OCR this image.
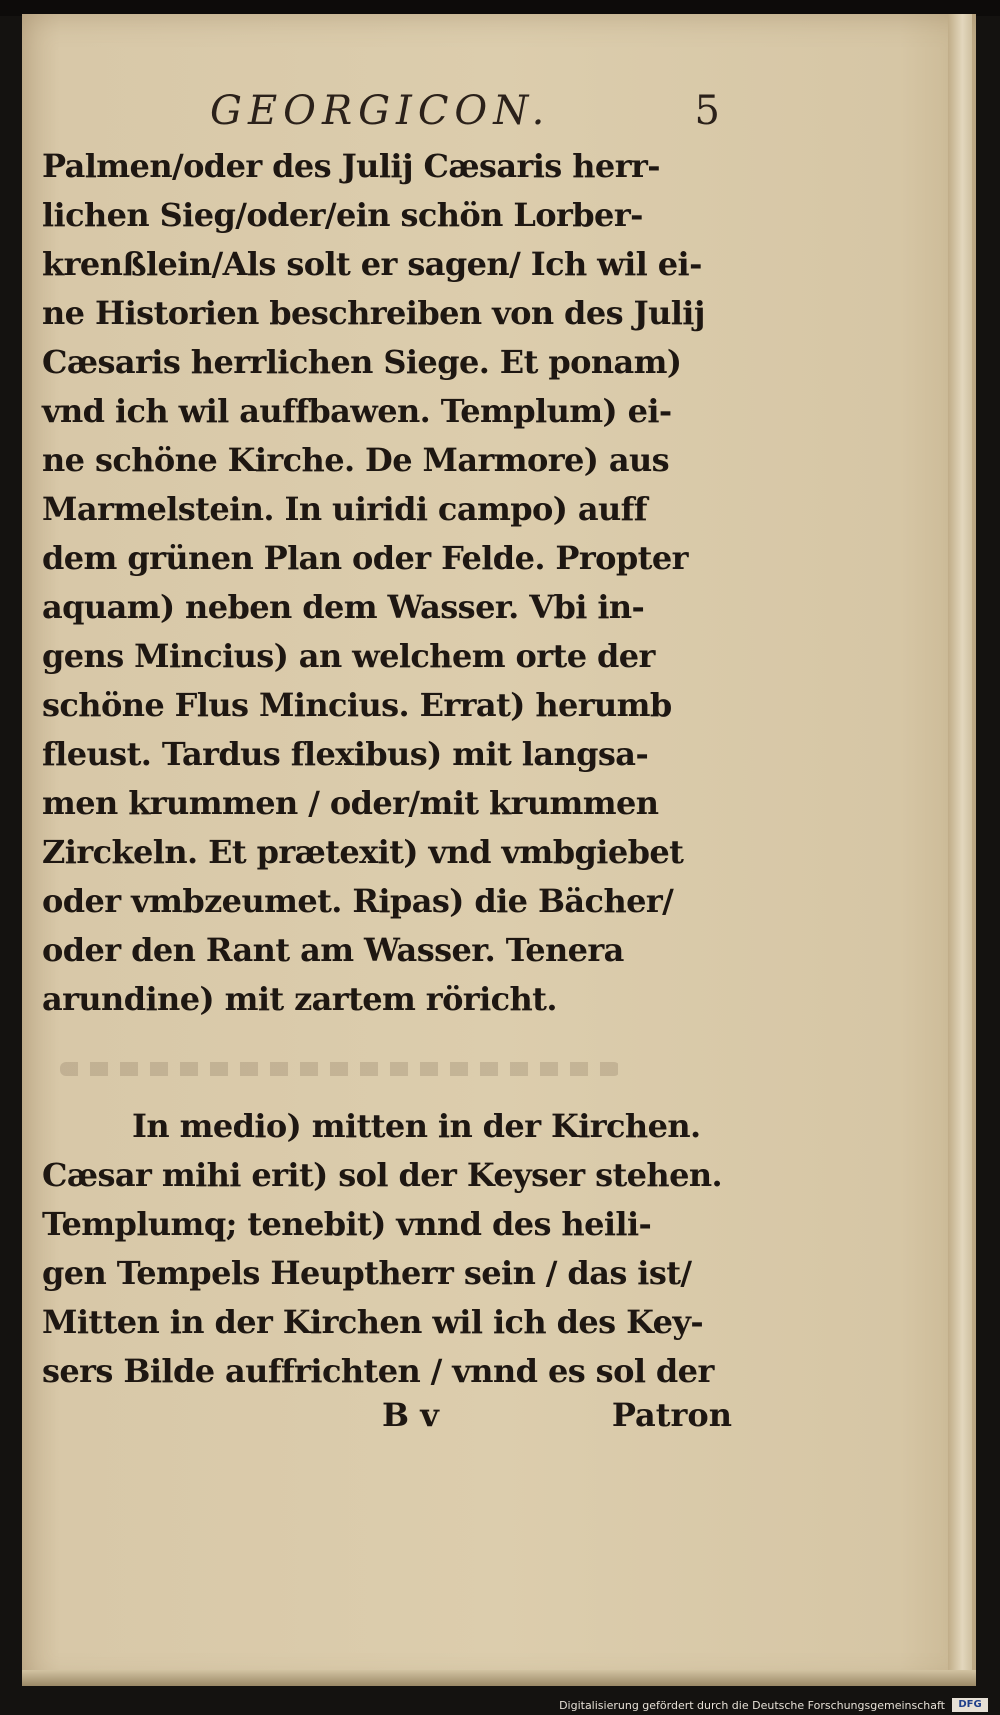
GEORGICON.	5
Palmen/oder des Julij Cæsaris herr-
lichen Sieg/oder/ein schön Lorber-
krenßlein/Als solt er sagen/ Ich wil ei-
ne Historien beschreiben von des Julij
Cæsaris herrlichen Siege. Et ponam)
vnd ich wil auffbawen. Templum) ei-
ne schöne Kirche. De Marmore) aus
Marmelstein. In uiridi campo) auff
dem grünen Plan oder Felde. Propter
aquam) neben dem Wasser. Vbi in-
gens Mincius) an welchem orte der
schöne Flus Mincius. Errat) herumb
fleust. Tardus flexibus) mit langsa-
men krummen / oder/mit krummen
Zirckeln. Et prætexit) vnd vmbgiebet
oder vmbzeumet. Ripas) die Bächer/
oder den Rant am Wasser. Tenera
arundine) mit zartem röricht.
In medio) mitten in der Kirchen.
Cæsar mihi erit) sol der Keyser stehen.
Templumq; tenebit) vnnd des heili-
gen Tempels Heuptherr sein / das ist/
Mitten in der Kirchen wil ich des Key-
sers Bilde auffrichten / vnnd es sol der
B v	Patron
Digitalisierung gefördert durch die Deutsche Forschungsgemeinschaft	DFG
